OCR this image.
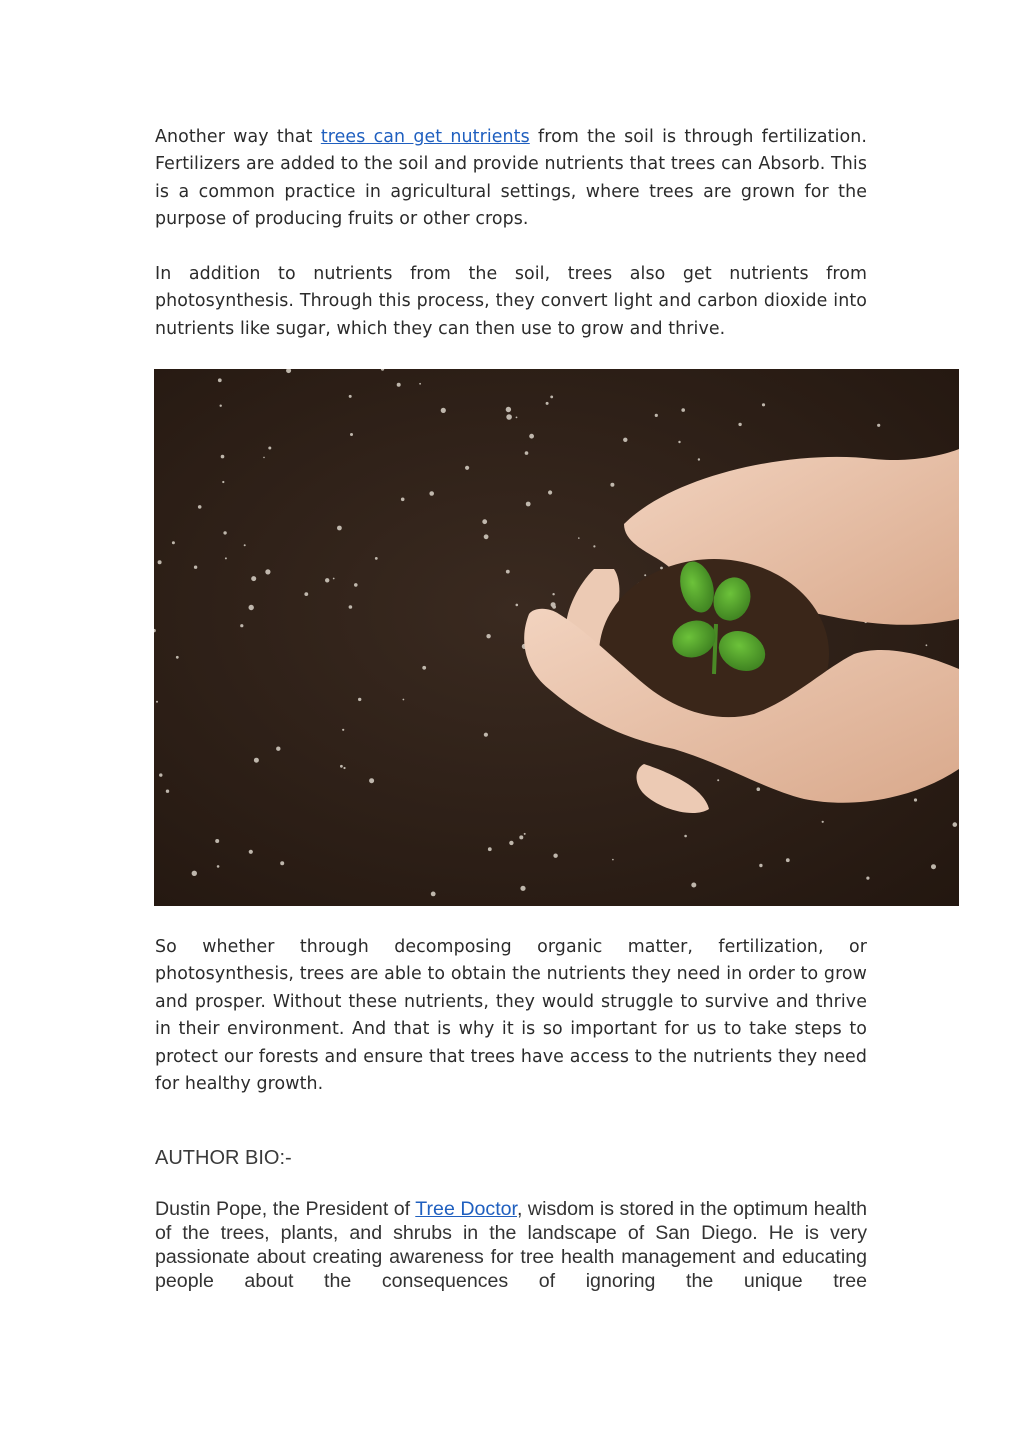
Another way that trees can get nutrients from the soil is through fertilization. Fertilizers are added to the soil and provide nutrients that trees can Absorb. This is a common practice in agricultural settings, where trees are grown for the purpose of producing fruits or other crops.

In addition to nutrients from the soil, trees also get nutrients from photosynthesis. Through this process, they convert light and carbon dioxide into nutrients like sugar, which they can then use to grow and thrive.

So whether through decomposing organic matter, fertilization, or photosynthesis, trees are able to obtain the nutrients they need in order to grow and prosper. Without these nutrients, they would struggle to survive and thrive in their environment. And that is why it is so important for us to take steps to protect our forests and ensure that trees have access to the nutrients they need for healthy growth.

AUTHOR BIO:-

Dustin Pope, the President of Tree Doctor, wisdom is stored in the optimum health of the trees, plants, and shrubs in the landscape of San Diego. He is very passionate about creating awareness for tree health management and educating people about the consequences of ignoring the unique tree
